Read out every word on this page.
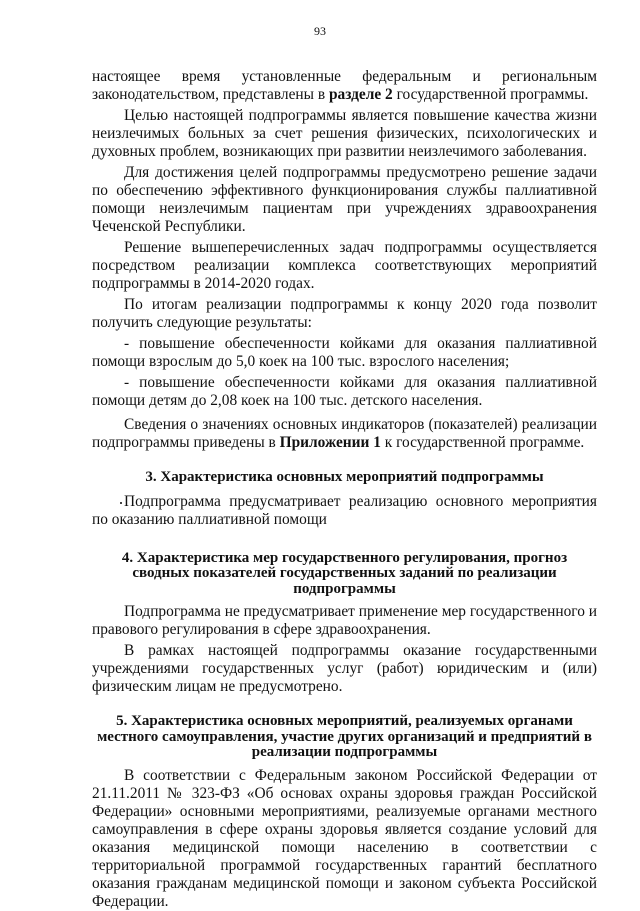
93

настоящее время установленные федеральным и региональным законодательством, представлены в разделе 2 государственной программы.

Целью настоящей подпрограммы является повышение качества жизни неизлечимых больных за счет решения физических, психологических и духовных проблем, возникающих при развитии неизлечимого заболевания.

Для достижения целей подпрограммы предусмотрено решение задачи по обеспечению эффективного функционирования службы паллиативной помощи неизлечимым пациентам при учреждениях здравоохранения Чеченской Республики.

Решение вышеперечисленных задач подпрограммы осуществляется посредством реализации комплекса соответствующих мероприятий подпрограммы в 2014-2020 годах.

По итогам реализации подпрограммы к концу 2020 года позволит получить следующие результаты:

- повышение обеспеченности койками для оказания паллиативной помощи взрослым до 5,0 коек на 100 тыс. взрослого населения;

- повышение обеспеченности койками для оказания паллиативной помощи детям до 2,08 коек на 100 тыс. детского населения.

Сведения о значениях основных индикаторов (показателей) реализации подпрограммы приведены в Приложении 1 к государственной программе.

3. Характеристика основных мероприятий подпрограммы

Подпрограмма предусматривает реализацию основного мероприятия по оказанию паллиативной помощи

4. Характеристика мер государственного регулирования, прогноз сводных показателей государственных заданий по реализации подпрограммы

Подпрограмма не предусматривает применение мер государственного и правового регулирования в сфере здравоохранения.

В рамках настоящей подпрограммы оказание государственными учреждениями государственных услуг (работ) юридическим и (или) физическим лицам не предусмотрено.

5. Характеристика основных мероприятий, реализуемых органами местного самоуправления, участие других организаций и предприятий в реализации подпрограммы

В соответствии с Федеральным законом Российской Федерации от 21.11.2011 № 323-ФЗ «Об основах охраны здоровья граждан Российской Федерации» основными мероприятиями, реализуемые органами местного самоуправления в сфере охраны здоровья является создание условий для оказания медицинской помощи населению в соответствии с территориальной программой государственных гарантий бесплатного оказания гражданам медицинской помощи и законом субъекта Российской Федерации.
